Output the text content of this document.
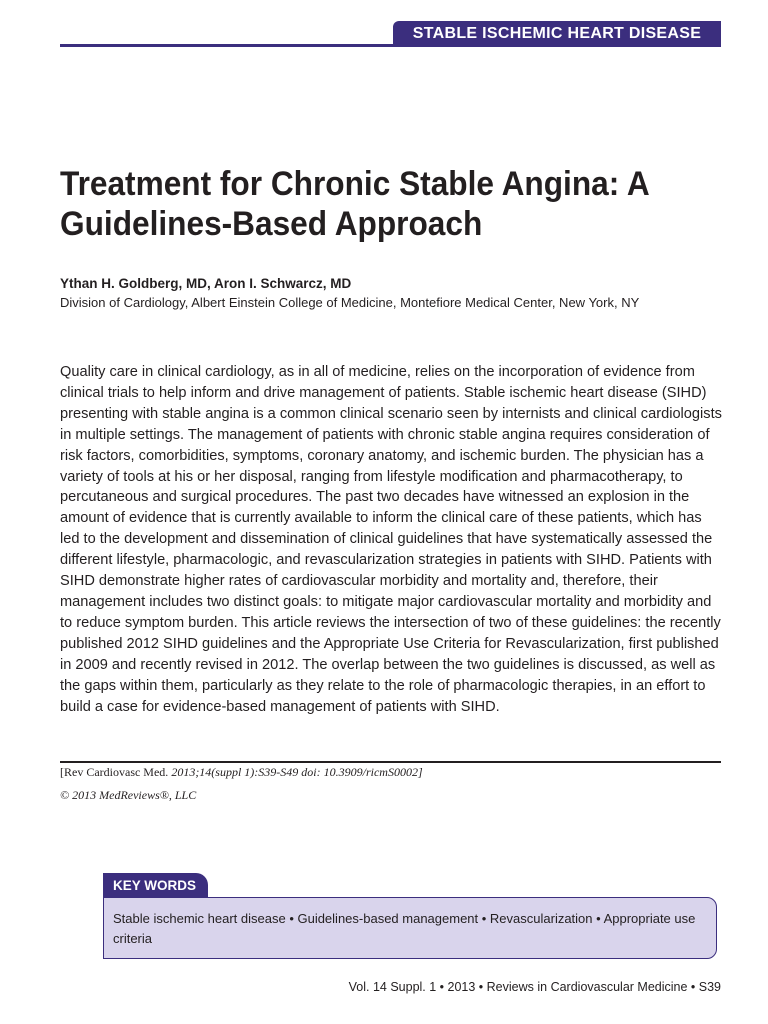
STABLE ISCHEMIC HEART DISEASE
Treatment for Chronic Stable Angina: A Guidelines-Based Approach
Ythan H. Goldberg, MD, Aron I. Schwarcz, MD
Division of Cardiology, Albert Einstein College of Medicine, Montefiore Medical Center, New York, NY

Quality care in clinical cardiology, as in all of medicine, relies on the incorporation of evidence from clinical trials to help inform and drive management of patients. Stable ischemic heart disease (SIHD) presenting with stable angina is a common clinical scenario seen by internists and clinical cardiologists in multiple settings. The management of patients with chronic stable angina requires consideration of risk factors, comorbidities, symptoms, coronary anatomy, and ischemic burden. The physician has a variety of tools at his or her disposal, ranging from lifestyle modification and pharmacotherapy, to percutaneous and surgical procedures. The past two decades have witnessed an explosion in the amount of evidence that is currently available to inform the clinical care of these patients, which has led to the development and dissemination of clinical guidelines that have systematically assessed the different lifestyle, pharmacologic, and revascularization strategies in patients with SIHD. Patients with SIHD demonstrate higher rates of cardiovascular morbidity and mortality and, therefore, their management includes two distinct goals: to mitigate major cardiovascular mortality and morbidity and to reduce symptom burden. This article reviews the intersection of two of these guidelines: the recently published 2012 SIHD guidelines and the Appropriate Use Criteria for Revascularization, first published in 2009 and recently revised in 2012. The overlap between the two guidelines is discussed, as well as the gaps within them, particularly as they relate to the role of pharmacologic therapies, in an effort to build a case for evidence-based management of patients with SIHD.

[Rev Cardiovasc Med. 2013;14(suppl 1):S39-S49 doi: 10.3909/ricmS0002]
© 2013 MedReviews®, LLC
KEY WORDS
Stable ischemic heart disease • Guidelines-based management • Revascularization • Appropriate use criteria
Vol. 14 Suppl. 1 • 2013 • Reviews in Cardiovascular Medicine • S39
